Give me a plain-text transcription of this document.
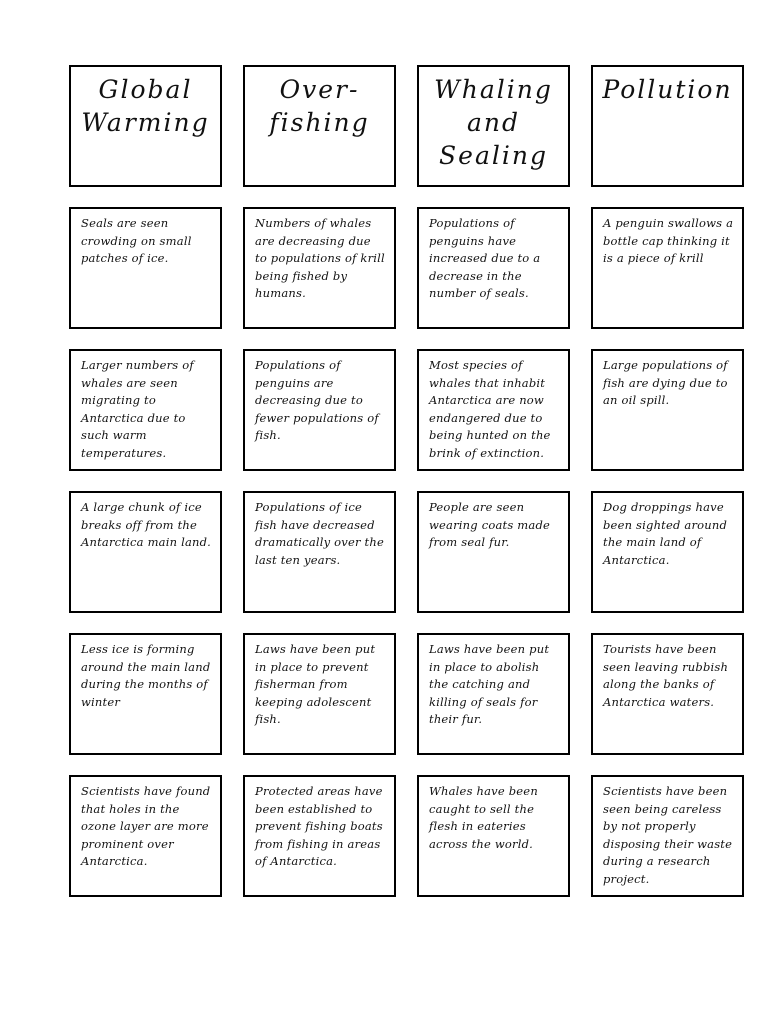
Global
Warming
Over-
fishing
Whaling
and
Sealing
Pollution
Seals are seen crowding on small patches of ice.
Numbers of whales are decreasing due to populations of krill being fished by humans.
Populations of penguins have increased due to a decrease in the number of seals.
A penguin swallows a bottle cap thinking it is a piece of krill
Larger numbers of whales are seen migrating to Antarctica due to such warm temperatures.
Populations of penguins are decreasing due to fewer populations of fish.
Most species of whales that inhabit Antarctica are now endangered due to being hunted on the brink of extinction.
Large populations of fish are dying due to an oil spill.
A large chunk of ice breaks off from the Antarctica main land.
Populations of ice fish have decreased dramatically over the last ten years.
People are seen wearing coats made from seal fur.
Dog droppings have been sighted around the main land of Antarctica.
Less ice is forming around the main land during the months of winter
Laws have been put in place to prevent fisherman from keeping adolescent fish.
Laws have been put in place to abolish the catching and killing of seals for their fur.
Tourists have been seen leaving rubbish along the banks of Antarctica waters.
Scientists have found that holes in the ozone layer are more prominent over Antarctica.
Protected areas have been established to prevent fishing boats from fishing in areas of Antarctica.
Whales have been caught to sell the flesh in eateries across the world.
Scientists have been seen being careless by not properly disposing their waste during a research project.
